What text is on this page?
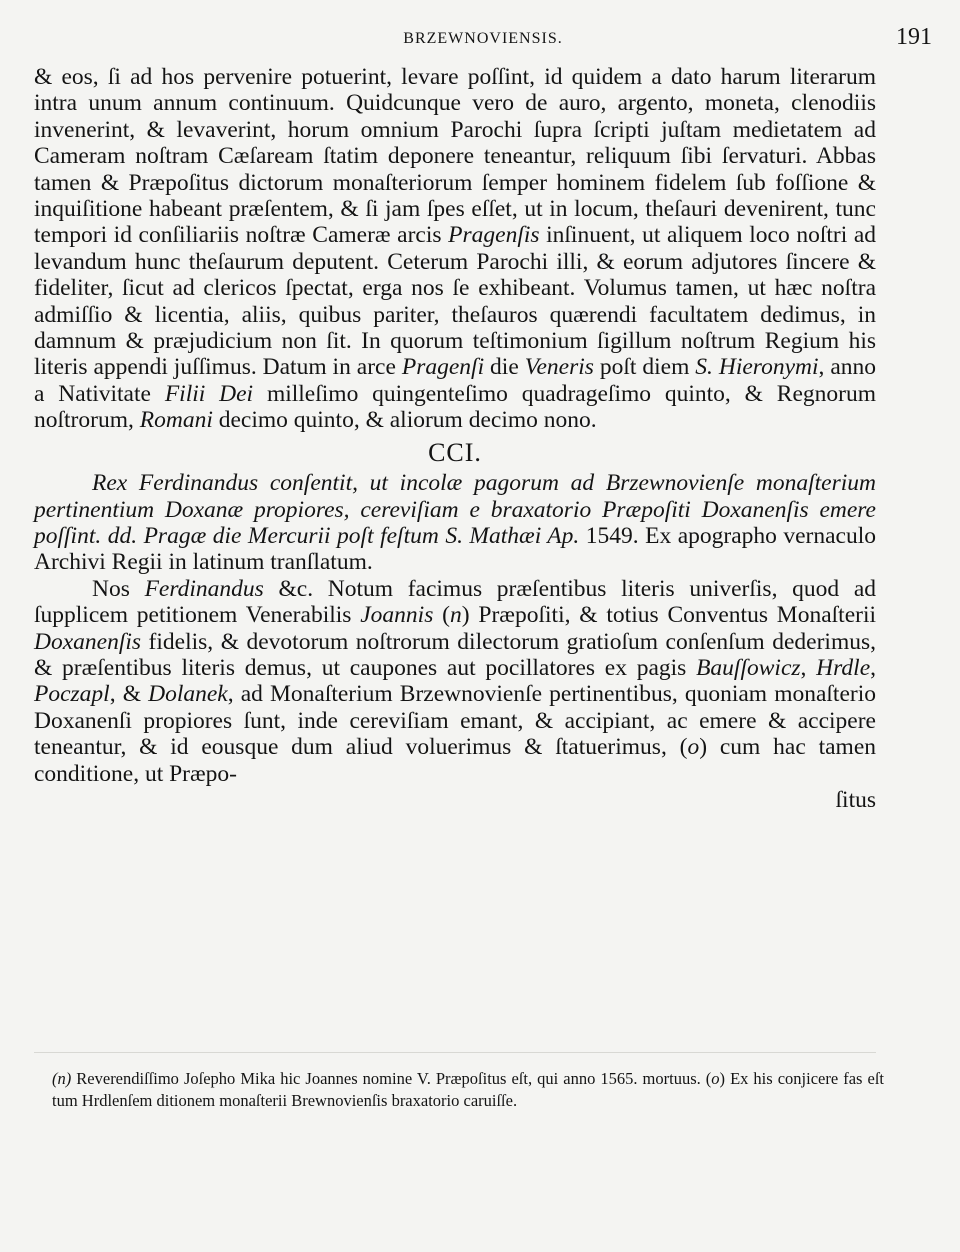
BRZEWNOVIENSIS.	191

& eos, ſi ad hos pervenire potuerint, levare poſſint, id quidem a dato harum literarum intra unum annum continuum. Quidcunque vero de auro, argento, moneta, clenodiis invenerint, & levaverint, horum omnium Parochi ſupra ſcripti juſtam medietatem ad Cameram noſtram Cæſaream ſtatim deponere teneantur, reliquum ſibi ſervaturi. Abbas tamen & Præpoſitus dictorum monaſteriorum ſemper hominem fidelem ſub foſſione & inquiſitione habeant præſentem, & ſi jam ſpes eſſet, ut in locum, theſauri devenirent, tunc tempori id conſiliariis noſtræ Cameræ arcis Pragenſis inſinuent, ut aliquem loco noſtri ad levandum hunc theſaurum deputent. Ceterum Parochi illi, & eorum adjutores ſincere & fideliter, ſicut ad clericos ſpectat, erga nos ſe exhibeant. Volumus tamen, ut hæc noſtra admiſſio & licentia, aliis, quibus pariter, theſauros quærendi facultatem dedimus, in damnum & præjudicium non ſit. In quorum teſtimonium ſigillum noſtrum Regium his literis appendi juſſimus. Datum in arce Pragenſi die Veneris poſt diem S. Hieronymi, anno a Nativitate Filii Dei milleſimo quingenteſimo quadrageſimo quinto, & Regnorum noſtrorum, Romani decimo quinto, & aliorum decimo nono.

CCI.

Rex Ferdinandus conſentit, ut incolæ pagorum ad Brzewnovienſe monaſterium pertinentium Doxanæ propiores, cereviſiam e braxatorio Præpoſiti Doxanenſis emere poſſint. dd. Pragæ die Mercurii poſt feſtum S. Mathæi Ap. 1549. Ex apographo vernaculo Archivi Regii in latinum tranſlatum.

Nos Ferdinandus &c. Notum facimus præſentibus literis univerſis, quod ad ſupplicem petitionem Venerabilis Joannis (n) Præpoſiti, & totius Conventus Monaſterii Doxanenſis fidelis, & devotorum noſtrorum dilectorum gratioſum conſenſum dederimus, & præſentibus literis demus, ut caupones aut pocillatores ex pagis Bauſſowicz, Hrdle, Poczapl, & Dolanek, ad Monaſterium Brzewnovienſe pertinentibus, quoniam monaſterio Doxanenſi propiores ſunt, inde cereviſiam emant, & accipiant, ac emere & accipere teneantur, & id eousque dum aliud voluerimus & ſtatuerimus, (o) cum hac tamen conditione, ut Præpo-

ſitus

(n) Reverendiſſimo Joſepho Mika hic Joannes nomine V. Præpoſitus eſt, qui anno 1565. mortuus. (o) Ex his conjicere fas eſt tum Hrdlenſem ditionem monaſterii Brewnovienſis braxatorio caruiſſe.
